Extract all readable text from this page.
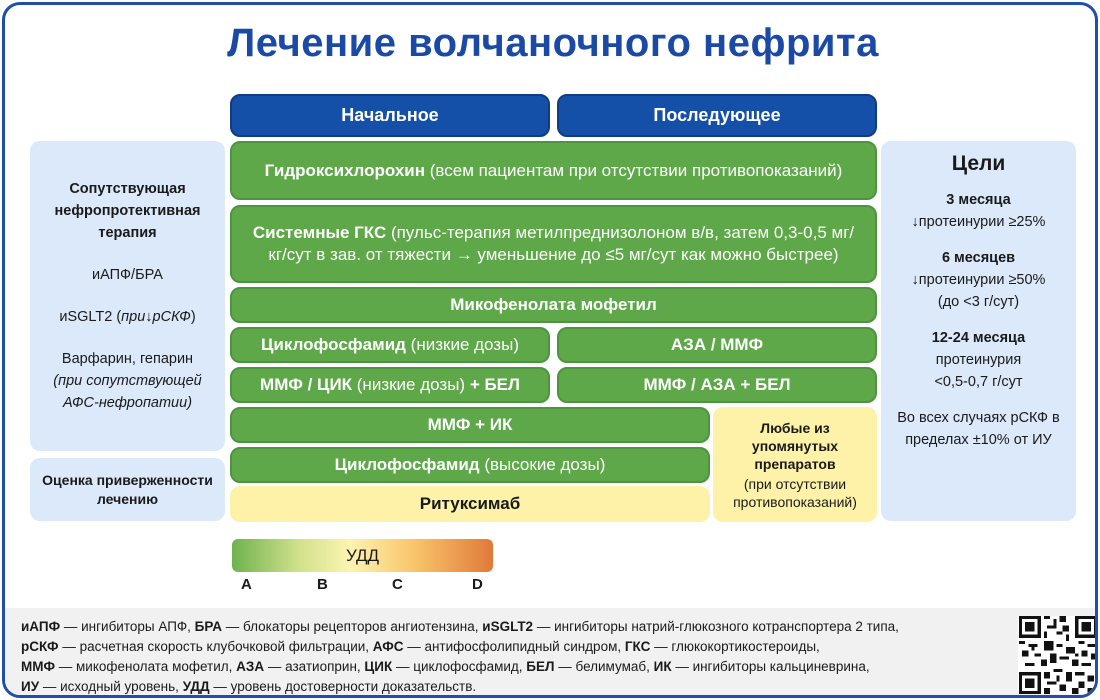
Лечение волчаночного нефрита
Начальное	Последующее

Сопутствующая нефропротективная терапия

иАПФ/БРА

иSGLT2 (при↓рСКФ)

Варфарин, гепарин
(при сопутствующей АФС-нефропатии)

Оценка приверженности лечению
Гидроксихлорохин (всем пациентам при отсутствии противопоказаний)
Системные ГКС (пульс-терапия метилпреднизолоном в/в, затем 0,3-0,5 мг/кг/сут в зав. от тяжести → уменьшение до ≤5 мг/сут как можно быстрее)
Микофенолата мофетил
Циклофосфамид (низкие дозы)	АЗА / ММФ
ММФ / ЦИК (низкие дозы) + БЕЛ	ММФ / АЗА + БЕЛ
ММФ + ИК
Циклофосфамид (высокие дозы)
Ритуксимаб
Любые из упомянутых препаратов
(при отсутствии противопоказаний)
Цели
3 месяца
↓протеинурии ≥25%
6 месяцев
↓протеинурии ≥50%
(до <3 г/сут)
12-24 месяца
протеинурия
<0,5-0,7 г/сут
Во всех случаях рСКФ в пределах ±10% от ИУ
УДД
A	B	C	D
иАПФ — ингибиторы АПФ, БРА — блокаторы рецепторов ангиотензина, иSGLT2 — ингибиторы натрий-глюкозного котранспортера 2 типа,
рСКФ — расчетная скорость клубочковой фильтрации, АФС — антифосфолипидный синдром, ГКС — глюкокортикостероиды,
ММФ — микофенолата мофетил, АЗА — азатиоприн, ЦИК — циклофосфамид, БЕЛ — белимумаб, ИК — ингибиторы кальциневрина,
ИУ — исходный уровень, УДД — уровень достоверности доказательств.
